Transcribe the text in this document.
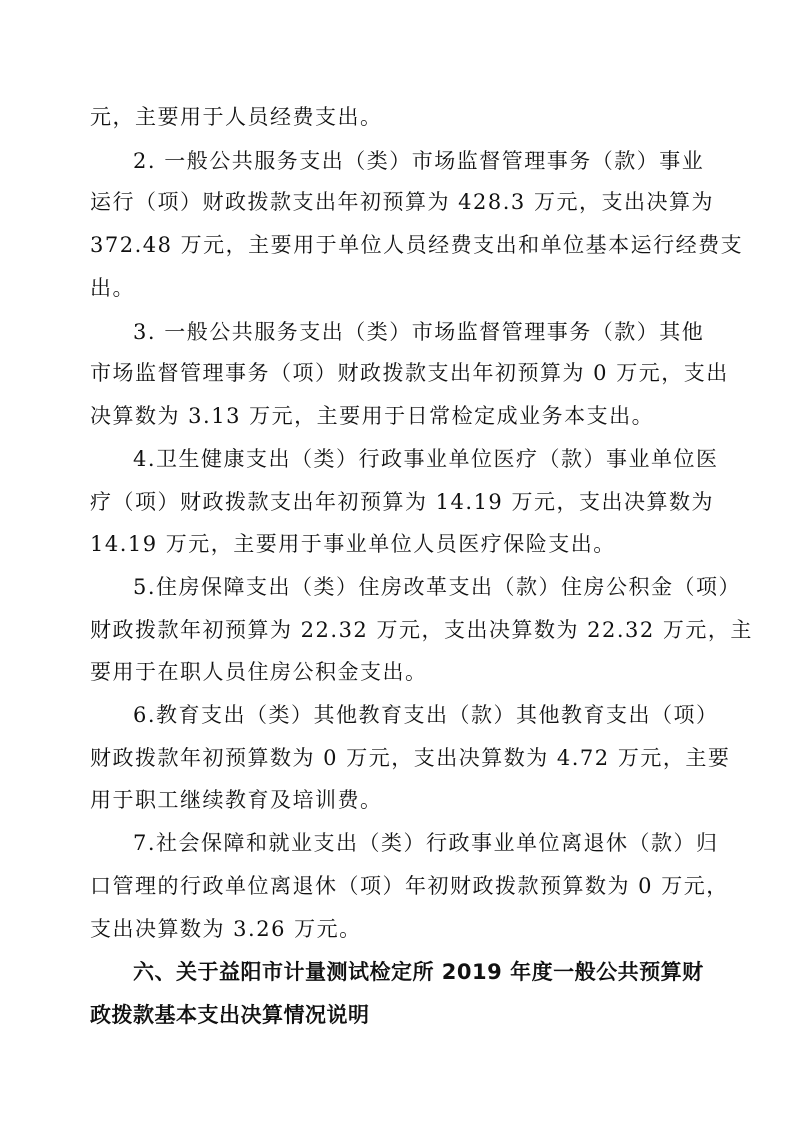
元，主要用于人员经费支出。
2. 一般公共服务支出（类）市场监督管理事务（款）事业
运行（项）财政拨款支出年初预算为 428.3 万元，支出决算为
372.48 万元，主要用于单位人员经费支出和单位基本运行经费支
出。
3. 一般公共服务支出（类）市场监督管理事务（款）其他
市场监督管理事务（项）财政拨款支出年初预算为 0 万元，支出
决算数为 3.13 万元，主要用于日常检定成业务本支出。
4.卫生健康支出（类）行政事业单位医疗（款）事业单位医
疗（项）财政拨款支出年初预算为 14.19 万元，支出决算数为
14.19 万元，主要用于事业单位人员医疗保险支出。
5.住房保障支出（类）住房改革支出（款）住房公积金（项）
财政拨款年初预算为 22.32 万元，支出决算数为 22.32 万元，主
要用于在职人员住房公积金支出。
6.教育支出（类）其他教育支出（款）其他教育支出（项）
财政拨款年初预算数为 0 万元，支出决算数为 4.72 万元，主要
用于职工继续教育及培训费。
7.社会保障和就业支出（类）行政事业单位离退休（款）归
口管理的行政单位离退休（项）年初财政拨款预算数为 0 万元，
支出决算数为 3.26 万元。
六、关于益阳市计量测试检定所 2019 年度一般公共预算财
政拨款基本支出决算情况说明
